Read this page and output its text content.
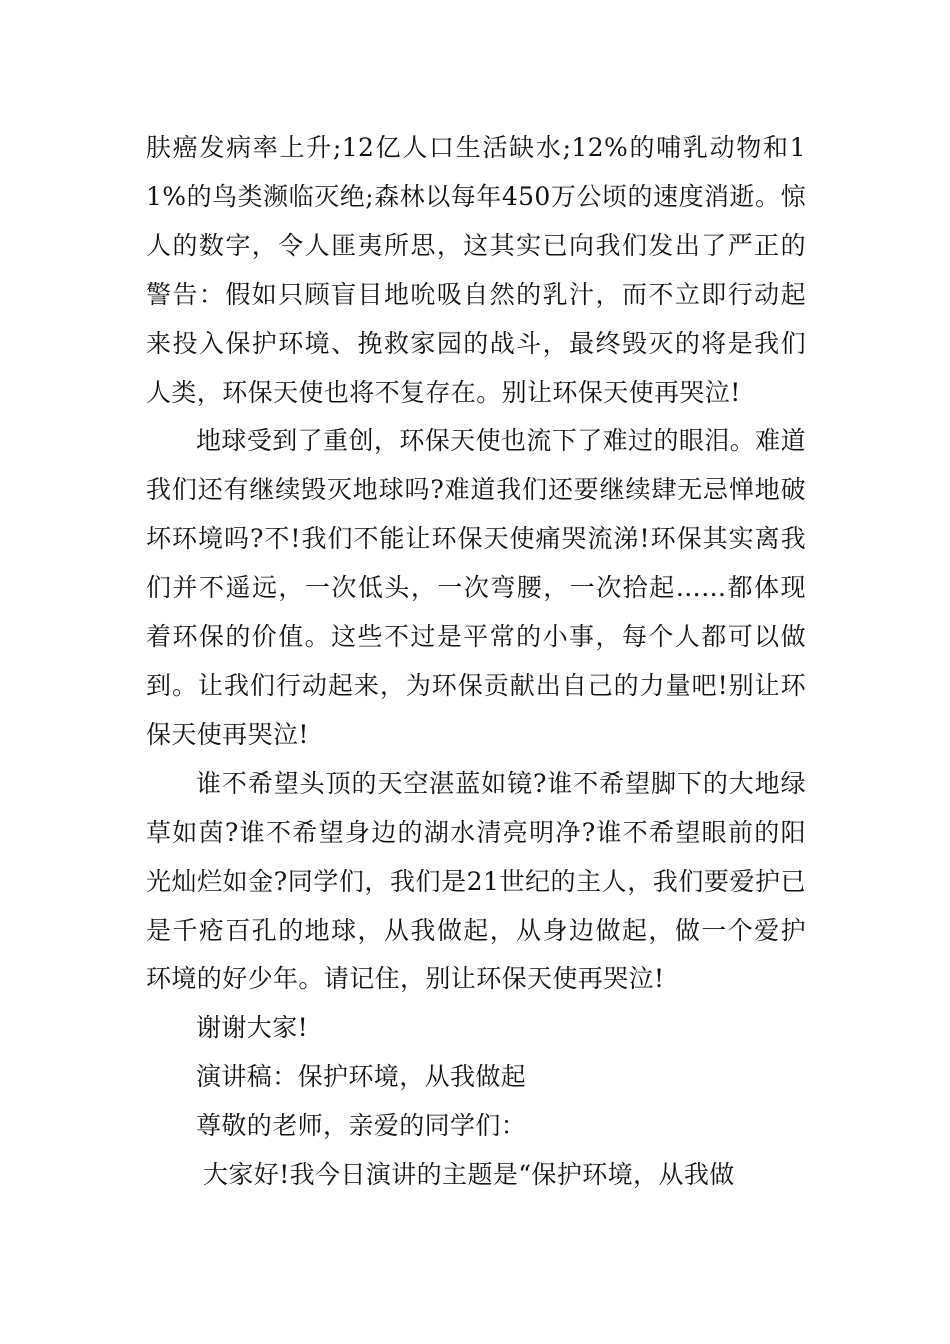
肤癌发病率上升;12亿人口生活缺水;12%的哺乳动物和11%的鸟类濒临灭绝;森林以每年450万公顷的速度消逝。惊人的数字，令人匪夷所思，这其实已向我们发出了严正的警告：假如只顾盲目地吮吸自然的乳汁，而不立即行动起来投入保护环境、挽救家园的战斗，最终毁灭的将是我们人类，环保天使也将不复存在。别让环保天使再哭泣!

地球受到了重创，环保天使也流下了难过的眼泪。难道我们还有继续毁灭地球吗?难道我们还要继续肆无忌惮地破坏环境吗?不!我们不能让环保天使痛哭流涕!环保其实离我们并不遥远，一次低头，一次弯腰，一次拾起……都体现着环保的价值。这些不过是平常的小事，每个人都可以做到。让我们行动起来，为环保贡献出自己的力量吧!别让环保天使再哭泣!

谁不希望头顶的天空湛蓝如镜?谁不希望脚下的大地绿草如茵?谁不希望身边的湖水清亮明净?谁不希望眼前的阳光灿烂如金?同学们，我们是21世纪的主人，我们要爱护已是千疮百孔的地球，从我做起，从身边做起，做一个爱护环境的好少年。请记住，别让环保天使再哭泣!

谢谢大家!

演讲稿：保护环境，从我做起

尊敬的老师，亲爱的同学们：

大家好!我今日演讲的主题是“保护环境，从我做
